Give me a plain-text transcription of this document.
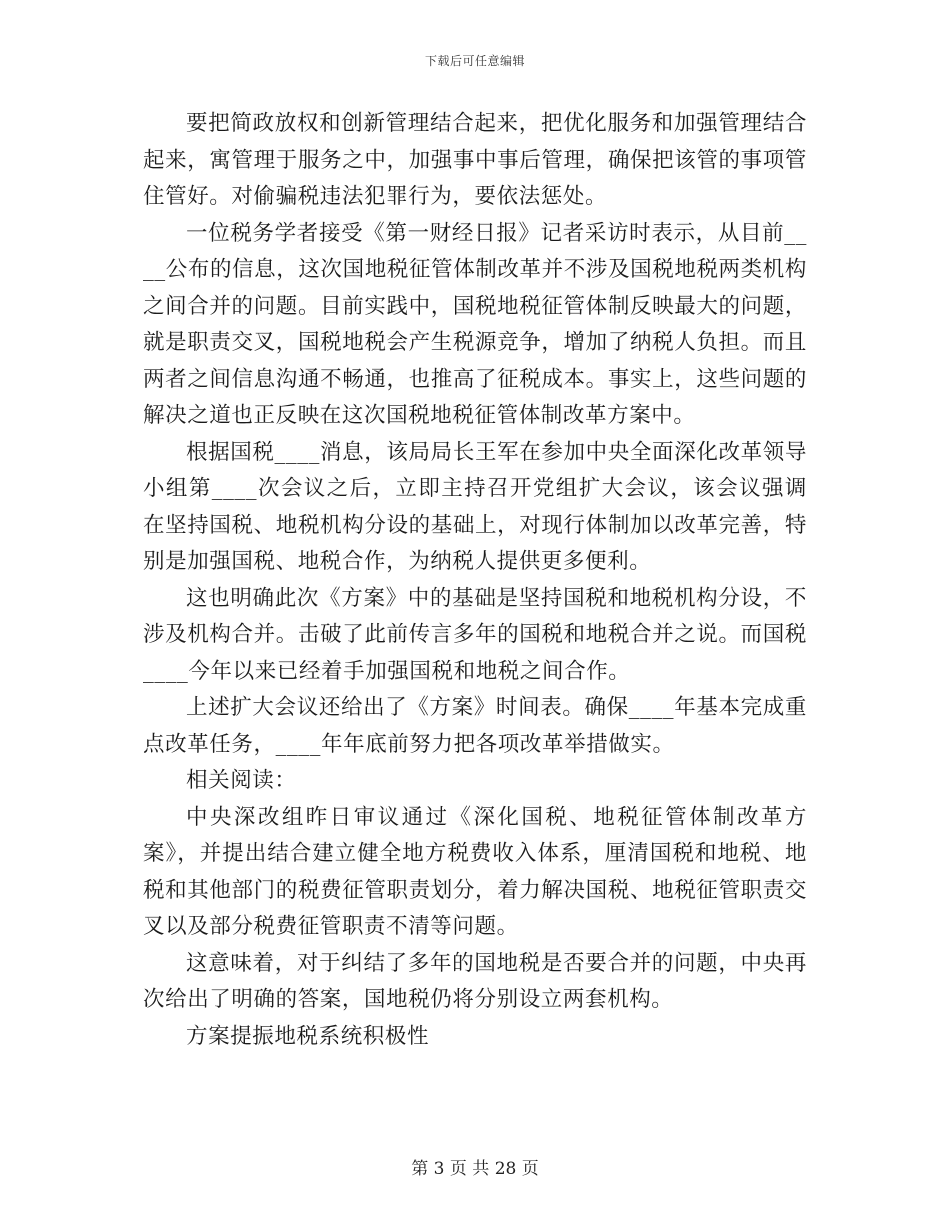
下载后可任意编辑

要把简政放权和创新管理结合起来，把优化服务和加强管理结合起来，寓管理于服务之中，加强事中事后管理，确保把该管的事项管住管好。对偷骗税违法犯罪行为，要依法惩处。

一位税务学者接受《第一财经日报》记者采访时表示，从目前____公布的信息，这次国地税征管体制改革并不涉及国税地税两类机构之间合并的问题。目前实践中，国税地税征管体制反映最大的问题，就是职责交叉，国税地税会产生税源竞争，增加了纳税人负担。而且两者之间信息沟通不畅通，也推高了征税成本。事实上，这些问题的解决之道也正反映在这次国税地税征管体制改革方案中。

根据国税____消息，该局局长王军在参加中央全面深化改革领导小组第____次会议之后，立即主持召开党组扩大会议，该会议强调在坚持国税、地税机构分设的基础上，对现行体制加以改革完善，特别是加强国税、地税合作，为纳税人提供更多便利。

这也明确此次《方案》中的基础是坚持国税和地税机构分设，不涉及机构合并。击破了此前传言多年的国税和地税合并之说。而国税____今年以来已经着手加强国税和地税之间合作。

上述扩大会议还给出了《方案》时间表。确保____年基本完成重点改革任务，____年年底前努力把各项改革举措做实。

相关阅读：

中央深改组昨日审议通过《深化国税、地税征管体制改革方案》，并提出结合建立健全地方税费收入体系，厘清国税和地税、地税和其他部门的税费征管职责划分，着力解决国税、地税征管职责交叉以及部分税费征管职责不清等问题。

这意味着，对于纠结了多年的国地税是否要合并的问题，中央再次给出了明确的答案，国地税仍将分别设立两套机构。

方案提振地税系统积极性

第 3 页 共 28 页
